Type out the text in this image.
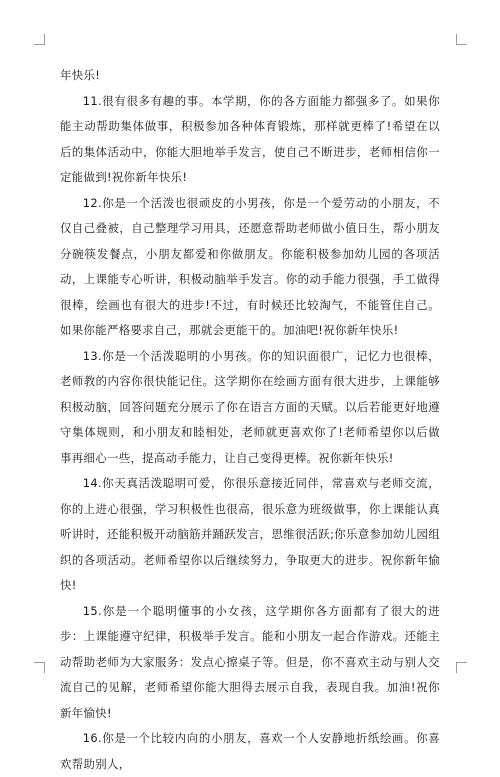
年快乐!

11.很有很多有趣的事。本学期，你的各方面能力都强多了。如果你能主动帮助集体做事，积极参加各种体育锻炼，那样就更棒了!希望在以后的集体活动中，你能大胆地举手发言，使自己不断进步，老师相信你一定能做到!祝你新年快乐!

12.你是一个活泼也很顽皮的小男孩，你是一个爱劳动的小朋友，不仅自己叠被，自己整理学习用具，还愿意帮助老师做小值日生，帮小朋友分碗筷发餐点，小朋友都爱和你做朋友。你能积极参加幼儿园的各项活动，上课能专心听讲，积极动脑举手发言。你的动手能力很强，手工做得很棒，绘画也有很大的进步!不过，有时候还比较淘气，不能管住自己。如果你能严格要求自己，那就会更能干的。加油吧!祝你新年快乐!

13.你是一个活泼聪明的小男孩。你的知识面很广，记忆力也很棒，老师教的内容你很快能记住。这学期你在绘画方面有很大进步，上课能够积极动脑，回答问题充分展示了你在语言方面的天赋。以后若能更好地遵守集体规则，和小朋友和睦相处，老师就更喜欢你了!老师希望你以后做事再细心一些，提高动手能力，让自己变得更棒。祝你新年快乐!

14.你天真活泼聪明可爱，你很乐意接近同伴，常喜欢与老师交流，你的上进心很强，学习积极性也很高，很乐意为班级做事，你上课能认真听讲时，还能积极开动脑筋并踊跃发言，思维很活跃;你乐意参加幼儿园组织的各项活动。老师希望你以后继续努力，争取更大的进步。祝你新年愉快!

15.你是一个聪明懂事的小女孩，这学期你各方面都有了很大的进步：上课能遵守纪律，积极举手发言。能和小朋友一起合作游戏。还能主动帮助老师为大家服务：发点心擦桌子等。但是，你不喜欢主动与别人交流自己的见解，老师希望你能大胆得去展示自我，表现自我。加油!祝你新年愉快!

16.你是一个比较内向的小朋友，喜欢一个人安静地折纸绘画。你喜欢帮助别人，
